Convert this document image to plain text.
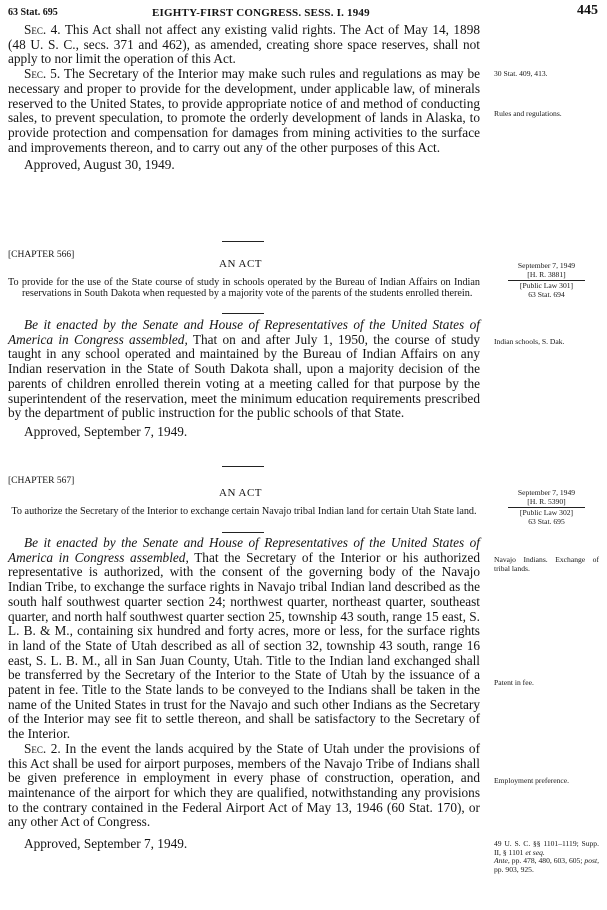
63 Stat. 695	EIGHTY-FIRST CONGRESS. SESS. I. 1949	445

Sec. 4. This Act shall not affect any existing valid rights. The Act of May 14, 1898 (48 U. S. C., secs. 371 and 462), as amended, creating shore space reserves, shall not apply to nor limit the operation of this Act.

Sec. 5. The Secretary of the Interior may make such rules and regulations as may be necessary and proper to provide for the development, under applicable law, of minerals reserved to the United States, to provide appropriate notice of and method of conducting sales, to prevent speculation, to promote the orderly development of lands in Alaska, to provide protection and compensation for damages from mining activities to the surface and improvements thereon, and to carry out any of the other purposes of this Act.

Approved, August 30, 1949.

30 Stat. 409, 413.
Rules and regulations.
[CHAPTER 566]
AN ACT

To provide for the use of the State course of study in schools operated by the Bureau of Indian Affairs on Indian reservations in South Dakota when requested by a majority vote of the parents of the students enrolled therein.

Be it enacted by the Senate and House of Representatives of the United States of America in Congress assembled, That on and after July 1, 1950, the course of study taught in any school operated and maintained by the Bureau of Indian Affairs on any Indian reservation in the State of South Dakota shall, upon a majority decision of the parents of children enrolled therein voting at a meeting called for that purpose by the superintendent of the reservation, meet the minimum education requirements prescribed by the department of public instruction for the public schools of that State.

Approved, September 7, 1949.

September 7, 1949
[H. R. 3881]
[Public Law 301]
63 Stat. 694
Indian schools, S. Dak.
[CHAPTER 567]
AN ACT

To authorize the Secretary of the Interior to exchange certain Navajo tribal Indian land for certain Utah State land.

Be it enacted by the Senate and House of Representatives of the United States of America in Congress assembled, That the Secretary of the Interior or his authorized representative is authorized, with the consent of the governing body of the Navajo Indian Tribe, to exchange the surface rights in Navajo tribal Indian land described as the south half southwest quarter section 24; northwest quarter, northeast quarter, southeast quarter, and north half southwest quarter section 25, township 43 south, range 15 east, S. L. B. & M., containing six hundred and forty acres, more or less, for the surface rights in land of the State of Utah described as all of section 32, township 43 south, range 16 east, S. L. B. M., all in San Juan County, Utah. Title to the Indian land exchanged shall be transferred by the Secretary of the Interior to the State of Utah by the issuance of a patent in fee. Title to the State lands to be conveyed to the Indians shall be taken in the name of the United States in trust for the Navajo and such other Indians as the Secretary of the Interior may see fit to settle thereon, and shall be satisfactory to the Secretary of the Interior.

Sec. 2. In the event the lands acquired by the State of Utah under the provisions of this Act shall be used for airport purposes, members of the Navajo Tribe of Indians shall be given preference in employment in every phase of construction, operation, and maintenance of the airport for which they are qualified, notwithstanding any provisions to the contrary contained in the Federal Airport Act of May 13, 1946 (60 Stat. 170), or any other Act of Congress.

Approved, September 7, 1949.

September 7, 1949
[H. R. 5390]
[Public Law 302]
63 Stat. 695
Navajo Indians. Exchange of tribal lands.
Patent in fee.
Employment preference.
49 U. S. C. §§ 1101–1119; Supp. II, § 1101 et seq.
Ante, pp. 478, 480, 603, 605; post, pp. 903, 925.
